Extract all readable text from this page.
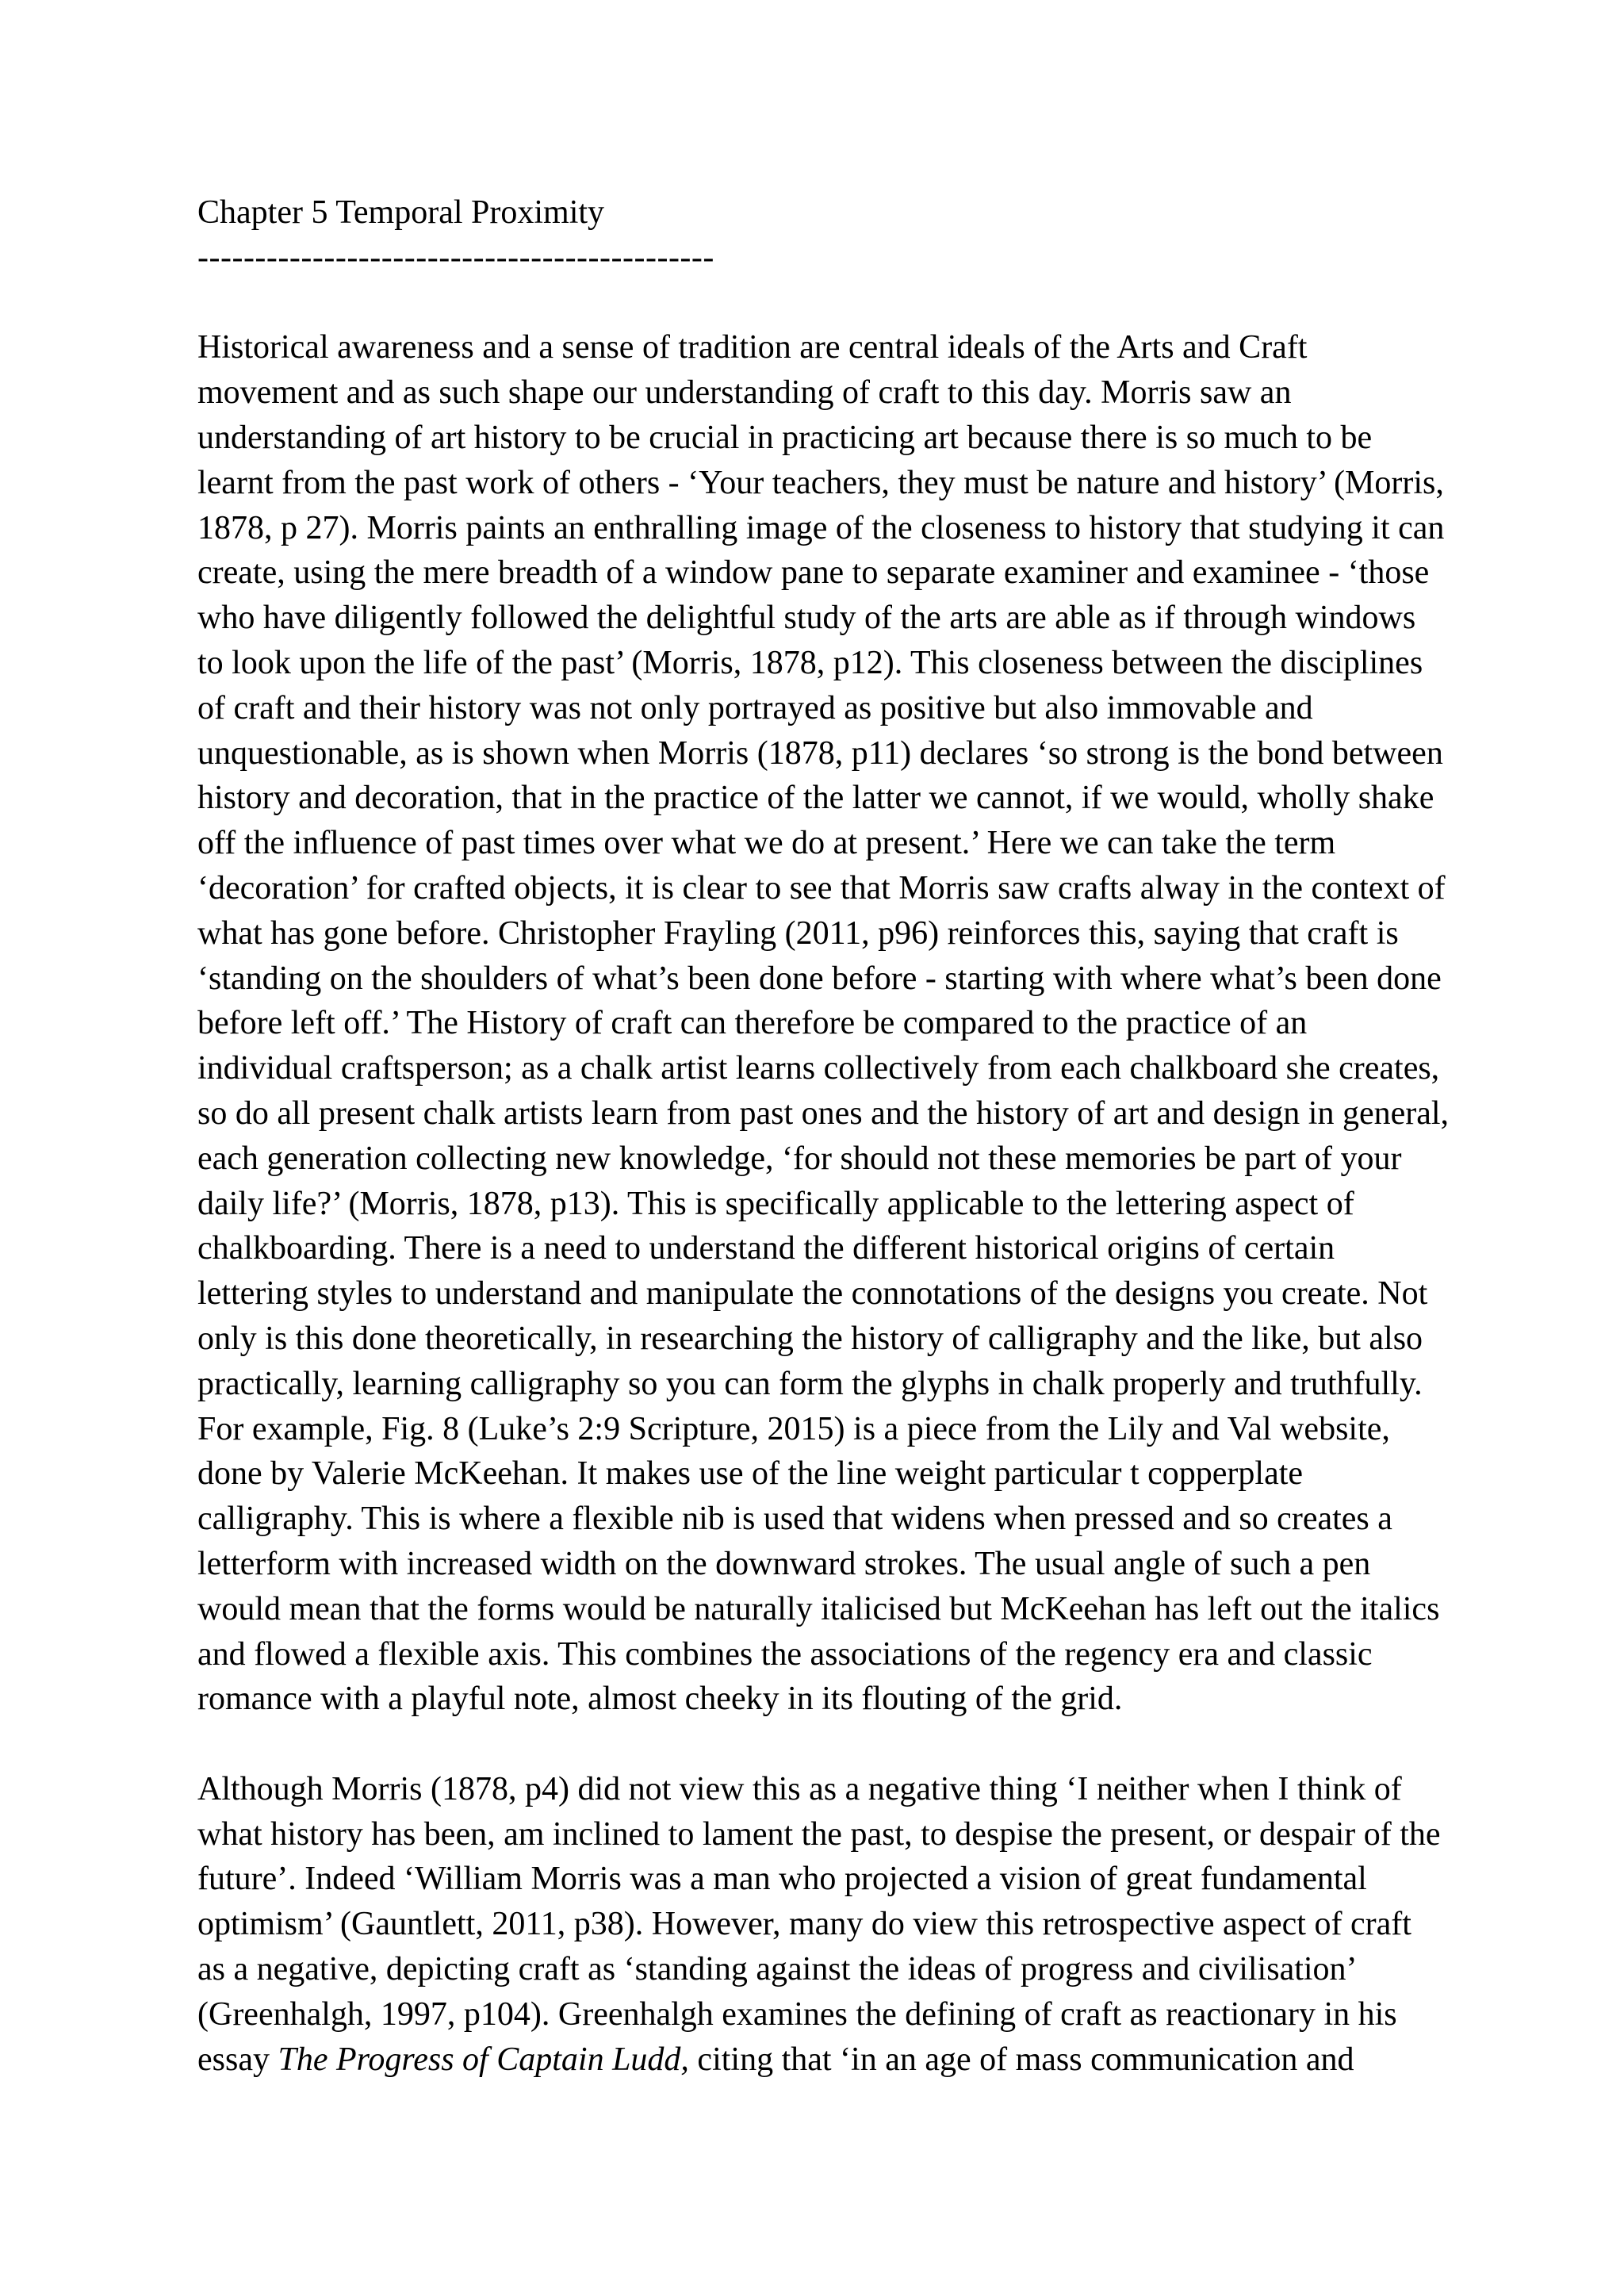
Chapter 5 Temporal Proximity
---------------------------------------------
Historical awareness and a sense of tradition are central ideals of the Arts and Craft
movement and as such shape our understanding of craft to this day. Morris saw an
understanding of art history to be crucial in practicing art because there is so much to be
learnt from the past work of others - ‘Your teachers, they must be nature and history’ (Morris,
1878, p 27). Morris paints an enthralling image of the closeness to history that studying it can
create, using the mere breadth of a window pane to separate examiner and examinee - ‘those
who have diligently followed the delightful study of the arts are able as if through windows
to look upon the life of the past’ (Morris, 1878, p12). This closeness between the disciplines
of craft and their history was not only portrayed as positive but also immovable and
unquestionable, as is shown when Morris (1878, p11) declares ‘so strong is the bond between
history and decoration, that in the practice of the latter we cannot, if we would, wholly shake
off the influence of past times over what we do at present.’ Here we can take the term
‘decoration’ for crafted objects, it is clear to see that Morris saw crafts alway in the context of
what has gone before. Christopher Frayling (2011, p96) reinforces this, saying that craft is
‘standing on the shoulders of what’s been done before - starting with where what’s been done
before left off.’ The History of craft can therefore be compared to the practice of an
individual craftsperson; as a chalk artist learns collectively from each chalkboard she creates,
so do all present chalk artists learn from past ones and the history of art and design in general,
each generation collecting new knowledge, ‘for should not these memories be part of your
daily life?’ (Morris, 1878, p13). This is specifically applicable to the lettering aspect of
chalkboarding. There is a need to understand the different historical origins of certain
lettering styles to understand and manipulate the connotations of the designs you create. Not
only is this done theoretically, in researching the history of calligraphy and the like, but also
practically, learning calligraphy so you can form the glyphs in chalk properly and truthfully.
For example, Fig. 8 (Luke’s 2:9 Scripture, 2015) is a piece from the Lily and Val website,
done by Valerie McKeehan. It makes use of the line weight particular t copperplate
calligraphy. This is where a flexible nib is used that widens when pressed and so creates a
letterform with increased width on the downward strokes. The usual angle of such a pen
would mean that the forms would be naturally italicised but McKeehan has left out the italics
and flowed a flexible axis. This combines the associations of the regency era and classic
romance with a playful note, almost cheeky in its flouting of the grid.
Although Morris (1878, p4) did not view this as a negative thing ‘I neither when I think of
what history has been, am inclined to lament the past, to despise the present, or despair of the
future’. Indeed ‘William Morris was a man who projected a vision of great fundamental
optimism’ (Gauntlett, 2011, p38). However, many do view this retrospective aspect of craft
as a negative, depicting craft as ‘standing against the ideas of progress and civilisation’
(Greenhalgh, 1997, p104). Greenhalgh examines the defining of craft as reactionary in his
essay The Progress of Captain Ludd, citing that ‘in an age of mass communication and
